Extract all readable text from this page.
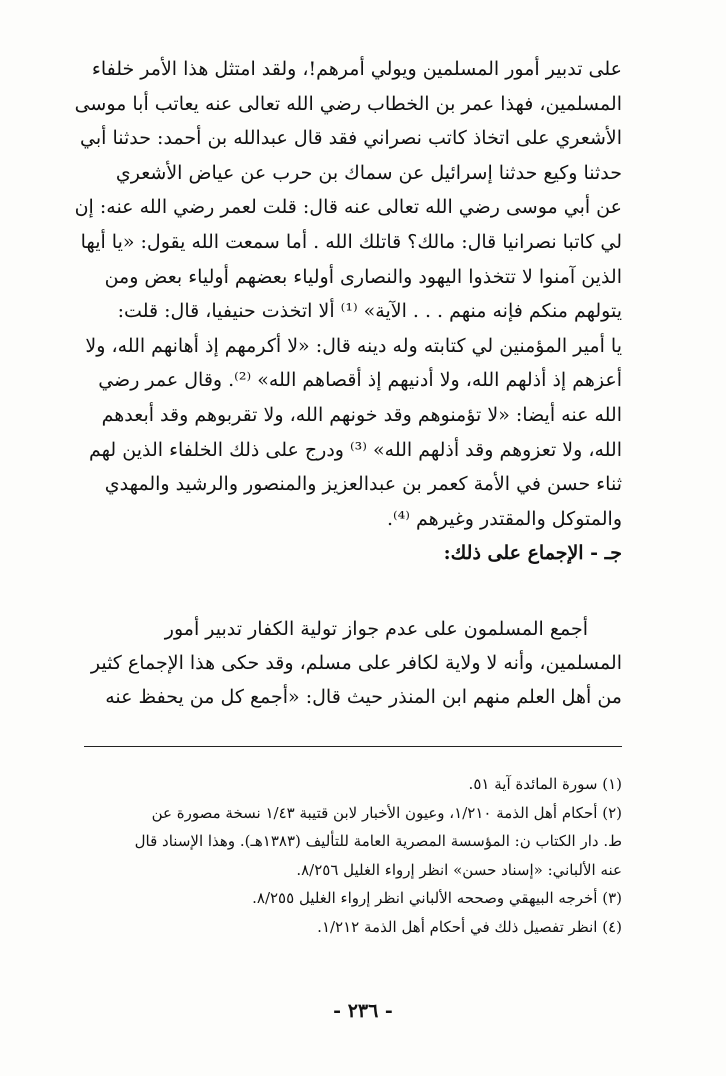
على تدبير أمور المسلمين ويولي أمرهم!، ولقد امتثل هذا الأمر خلفاء
المسلمين، فهذا عمر بن الخطاب رضي الله تعالى عنه يعاتب أبا موسى
الأشعري على اتخاذ كاتب نصراني فقد قال عبدالله بن أحمد: حدثنا أبي
حدثنا وكيع حدثنا إسرائيل عن سماك بن حرب عن عياض الأشعري
عن أبي موسى رضي الله تعالى عنه قال: قلت لعمر رضي الله عنه: إن
لي كاتبا نصرانيا قال: مالك؟ قاتلك الله . أما سمعت الله يقول: «يا أيها
الذين آمنوا لا تتخذوا اليهود والنصارى أولياء بعضهم أولياء بعض ومن
يتولهم منكم فإنه منهم . . . الآية» ⁽¹⁾ ألا اتخذت حنيفيا، قال: قلت:
يا أمير المؤمنين لي كتابته وله دينه قال: «لا أكرمهم إذ أهانهم الله، ولا
أعزهم إذ أذلهم الله، ولا أدنيهم إذ أقصاهم الله» ⁽²⁾. وقال عمر رضي
الله عنه أيضا: «لا تؤمنوهم وقد خونهم الله، ولا تقربوهم وقد أبعدهم
الله، ولا تعزوهم وقد أذلهم الله» ⁽³⁾ ودرج على ذلك الخلفاء الذين لهم
ثناء حسن في الأمة كعمر بن عبدالعزيز والمنصور والرشيد والمهدي
والمتوكل والمقتدر وغيرهم ⁽⁴⁾.
جـ - الإجماع على ذلك:
أجمع المسلمون على عدم جواز تولية الكفار تدبير أمور
المسلمين، وأنه لا ولاية لكافر على مسلم، وقد حكى هذا الإجماع كثير
من أهل العلم منهم ابن المنذر حيث قال: «أجمع كل من يحفظ عنه
(١) سورة المائدة آية ٥١.
(٢) أحكام أهل الذمة ١/٢١٠، وعيون الأخبار لابن قتيبة ١/٤٣ نسخة مصورة عن
ط. دار الكتاب ن: المؤسسة المصرية العامة للتأليف (١٣٨٣هـ). وهذا الإسناد قال
عنه الألباني: «إسناد حسن» انظر إرواء الغليل ٨/٢٥٦.
(٣) أخرجه البيهقي وصححه الألباني انظر إرواء الغليل ٨/٢٥٥.
(٤) انظر تفصيل ذلك في أحكام أهل الذمة ١/٢١٢.
- ٢٣٦ -
